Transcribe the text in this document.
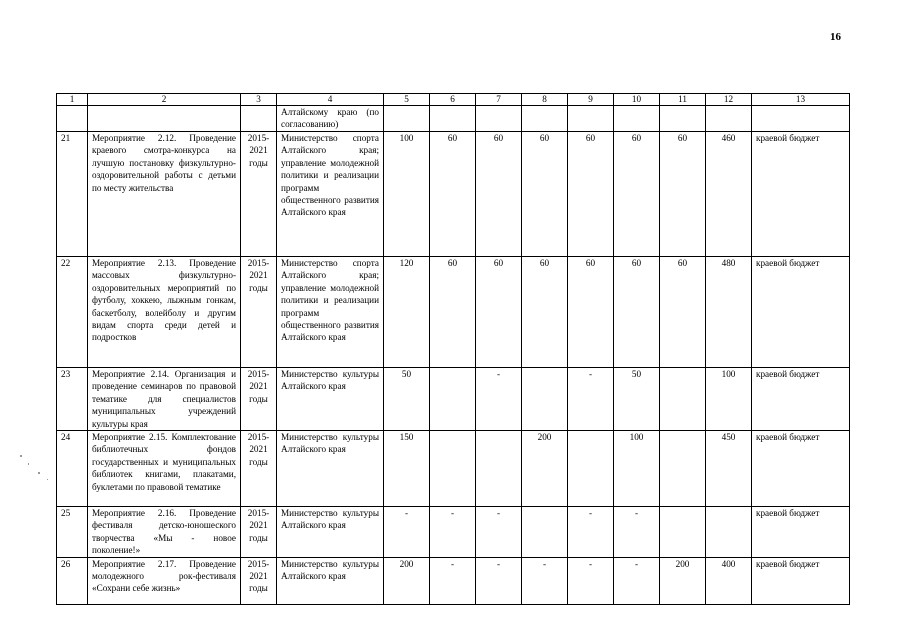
16
1	2	3	4	5	6	7	8	9	10	11	12	13
			Алтайскому краю (по согласованию)									
21	Мероприятие 2.12. Проведение краевого смотра-конкурса на лучшую постановку физкультурно-оздоровительной работы с детьми по месту жительства	2015-2021 годы	Министерство спорта Алтайского края; управление молодежной политики и реализации программ общественного развития Алтайского края	100	60	60	60	60	60	60	460	краевой бюджет
22	Мероприятие 2.13. Проведение массовых физкультурно-оздоровительных мероприятий по футболу, хоккею, лыжным гонкам, баскетболу, волейболу и другим видам спорта среди детей и подростков	2015-2021 годы	Министерство спорта Алтайского края; управление молодежной политики и реализации программ общественного развития Алтайского края	120	60	60	60	60	60	60	480	краевой бюджет
23	Мероприятие 2.14. Организация и проведение семинаров по правовой тематике для специалистов муниципальных учреждений культуры края	2015-2021 годы	Министерство культуры Алтайского края	50		-		-	50		100	краевой бюджет
24	Мероприятие 2.15. Комплектование библиотечных фондов государственных и муниципальных библиотек книгами, плакатами, буклетами по правовой тематике	2015-2021 годы	Министерство культуры Алтайского края	150			200		100		450	краевой бюджет
25	Мероприятие 2.16. Проведение фестиваля детско-юношеского творчества «Мы - новое поколение!»	2015-2021 годы	Министерство культуры Алтайского края	-	-	-		-	-			краевой бюджет
26	Мероприятие 2.17. Проведение молодежного рок-фестиваля «Сохрани себе жизнь»	2015-2021 годы	Министерство культуры Алтайского края	200	-	-	-	-	-	200	400	краевой бюджет
